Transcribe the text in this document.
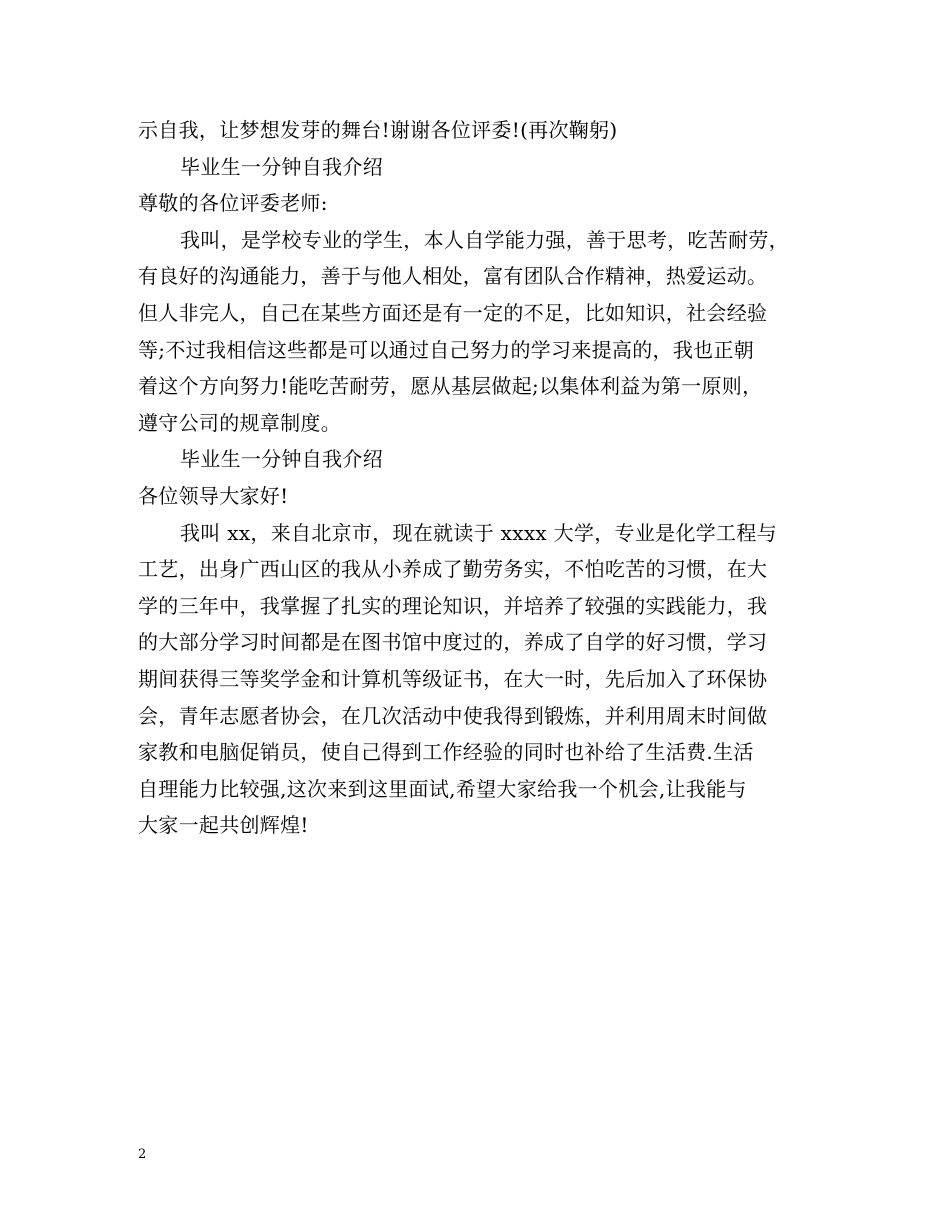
示自我，让梦想发芽的舞台!谢谢各位评委!(再次鞠躬)
毕业生一分钟自我介绍
尊敬的各位评委老师:
我叫，是学校专业的学生，本人自学能力强，善于思考，吃苦耐劳，
有良好的沟通能力，善于与他人相处，富有团队合作精神，热爱运动。
但人非完人，自己在某些方面还是有一定的不足，比如知识，社会经验
等;不过我相信这些都是可以通过自己努力的学习来提高的，我也正朝
着这个方向努力!能吃苦耐劳，愿从基层做起;以集体利益为第一原则，
遵守公司的规章制度。
毕业生一分钟自我介绍
各位领导大家好!
我叫 xx，来自北京市，现在就读于 xxxx 大学，专业是化学工程与
工艺，出身广西山区的我从小养成了勤劳务实，不怕吃苦的习惯，在大
学的三年中，我掌握了扎实的理论知识，并培养了较强的实践能力，我
的大部分学习时间都是在图书馆中度过的，养成了自学的好习惯，学习
期间获得三等奖学金和计算机等级证书，在大一时，先后加入了环保协
会，青年志愿者协会，在几次活动中使我得到锻炼，并利用周末时间做
家教和电脑促销员，使自己得到工作经验的同时也补给了生活费.生活
自理能力比较强,这次来到这里面试,希望大家给我一个机会,让我能与
大家一起共创辉煌!
2
